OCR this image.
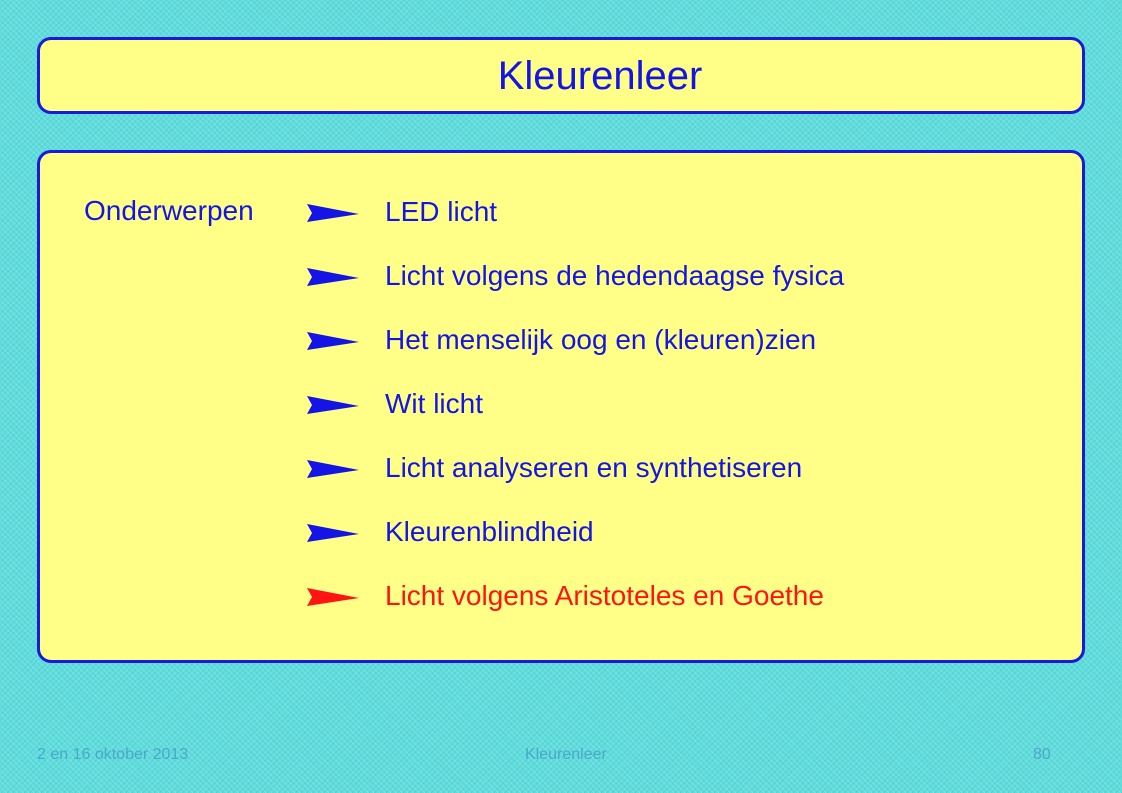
Kleurenleer
Onderwerpen	LED licht
Licht volgens de hedendaagse fysica
Het menselijk oog en (kleuren)zien
Wit licht
Licht analyseren en synthetiseren
Kleurenblindheid
Licht volgens Aristoteles en Goethe
2 en 16 oktober 2013	Kleurenleer	80
